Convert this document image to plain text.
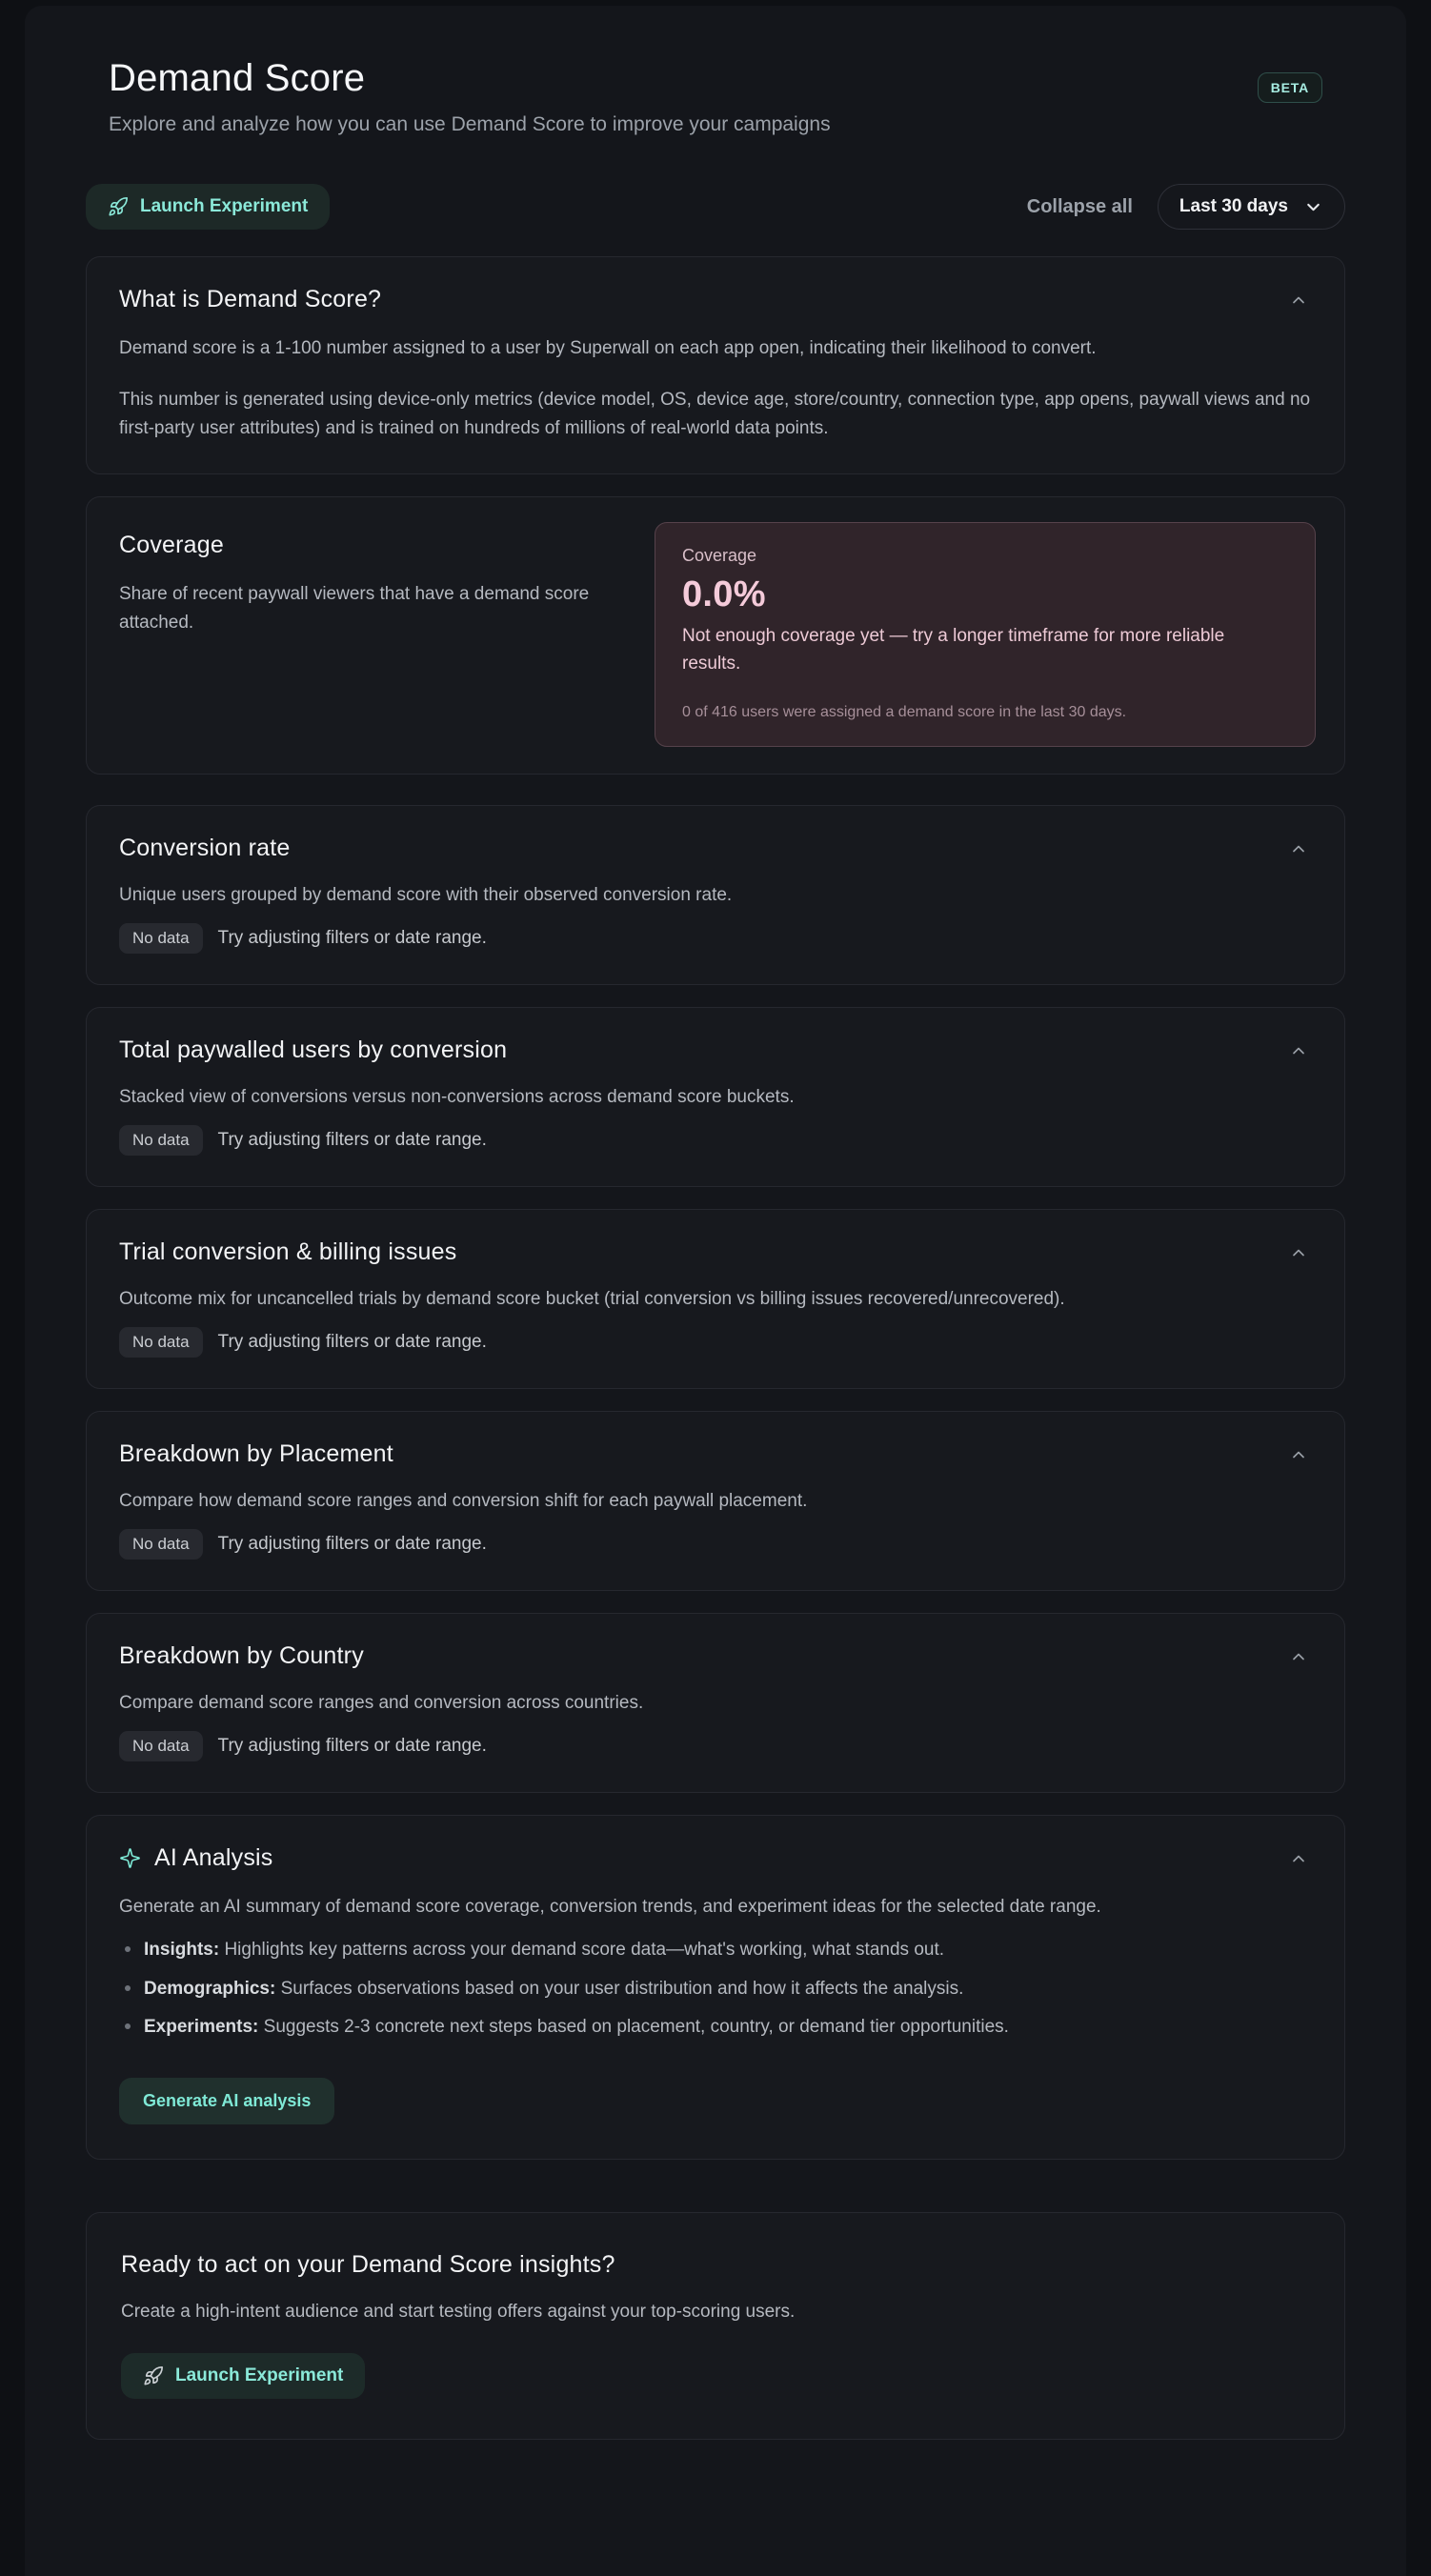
Demand Score

Explore and analyze how you can use Demand Score to improve your campaigns

BETA
Launch Experiment	Collapse all	Last 30 days
What is Demand Score?

Demand score is a 1-100 number assigned to a user by Superwall on each app open, indicating their likelihood to convert.

This number is generated using device-only metrics (device model, OS, device age, store/country, connection type, app opens, paywall views and no first-party user attributes) and is trained on hundreds of millions of real-world data points.

Coverage

Share of recent paywall viewers that have a demand score attached.

Coverage
0.0%
Not enough coverage yet — try a longer timeframe for more reliable results.
0 of 416 users were assigned a demand score in the last 30 days.
Conversion rate

Unique users grouped by demand score with their observed conversion rate.

No data	Try adjusting filters or date range.
Total paywalled users by conversion

Stacked view of conversions versus non-conversions across demand score buckets.

No data	Try adjusting filters or date range.
Trial conversion & billing issues

Outcome mix for uncancelled trials by demand score bucket (trial conversion vs billing issues recovered/unrecovered).

No data	Try adjusting filters or date range.
Breakdown by Placement

Compare how demand score ranges and conversion shift for each paywall placement.

No data	Try adjusting filters or date range.
Breakdown by Country

Compare demand score ranges and conversion across countries.

No data	Try adjusting filters or date range.
AI Analysis

Generate an AI summary of demand score coverage, conversion trends, and experiment ideas for the selected date range.

Insights: Highlights key patterns across your demand score data—what's working, what stands out.
Demographics: Surfaces observations based on your user distribution and how it affects the analysis.
Experiments: Suggests 2-3 concrete next steps based on placement, country, or demand tier opportunities.
Generate AI analysis
Ready to act on your Demand Score insights?

Create a high-intent audience and start testing offers against your top-scoring users.

Launch Experiment
